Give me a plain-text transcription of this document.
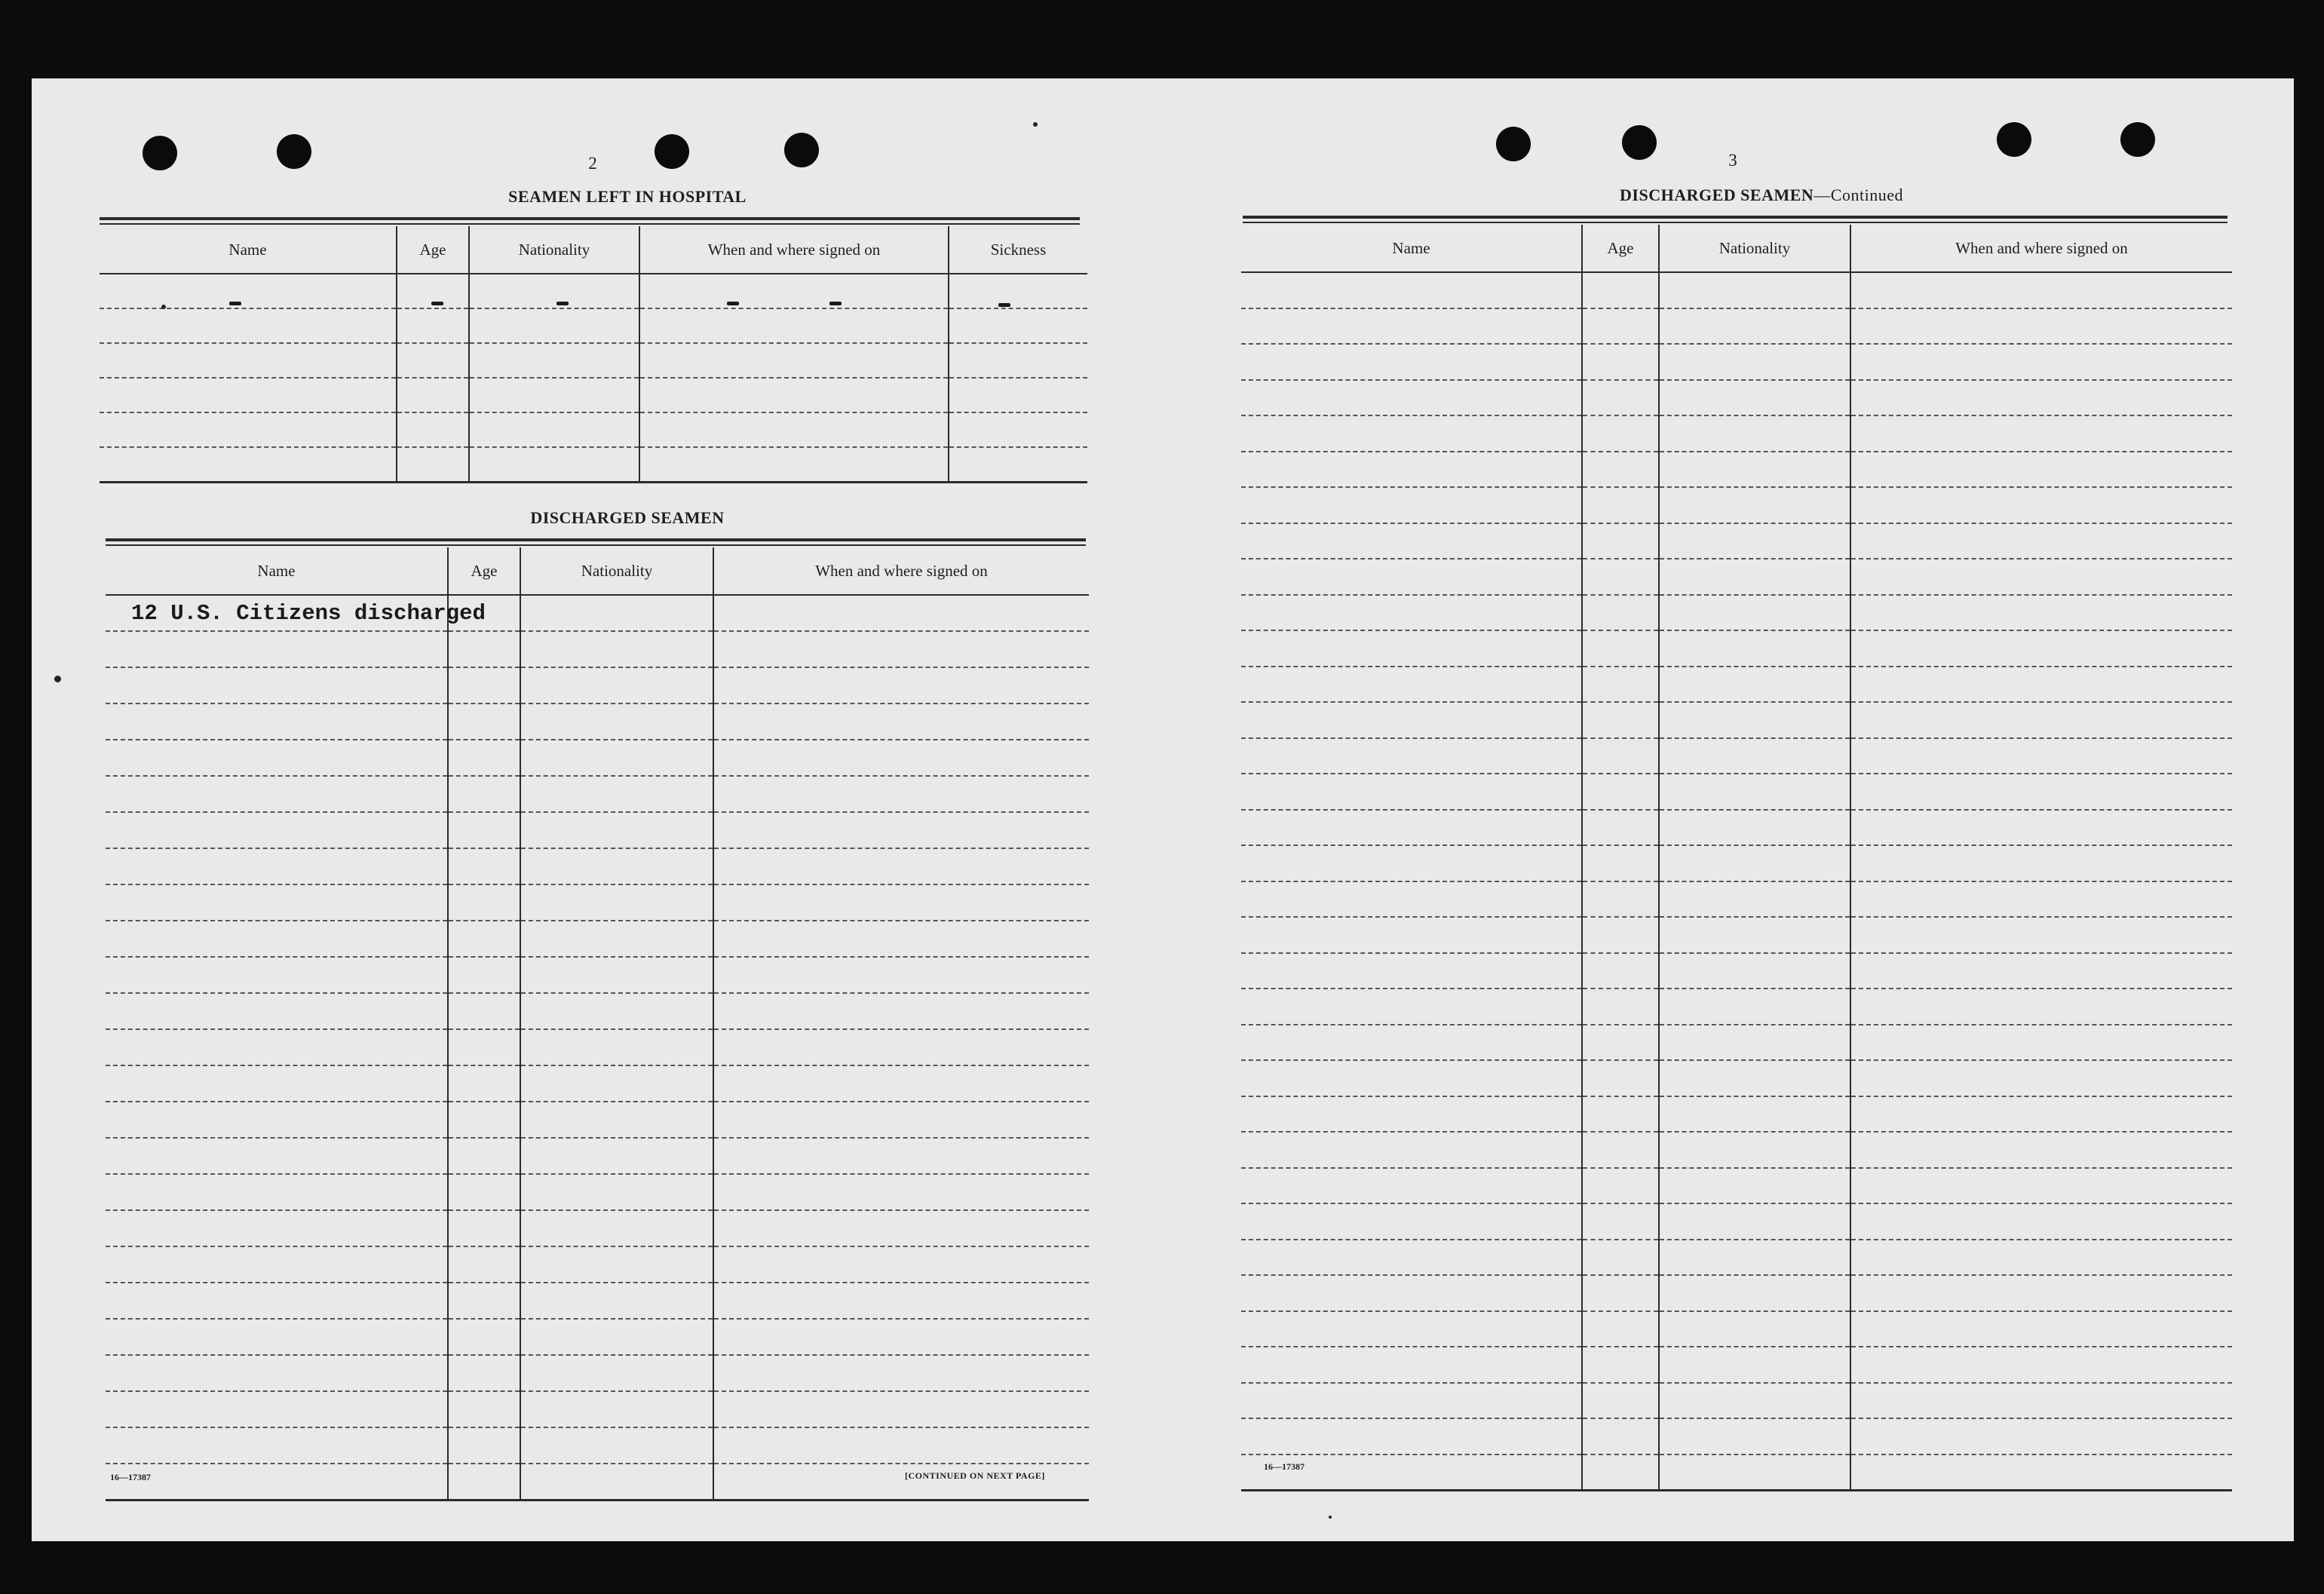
2
SEAMEN LEFT IN HOSPITAL
Name	Age	Nationality	When and where signed on	Sickness

DISCHARGED SEAMEN
Name	Age	Nationality	When and where signed on
12 U.S. Citizens discharged			

16—17387	[CONTINUED ON NEXT PAGE]
3
DISCHARGED SEAMEN—Continued
Name	Age	Nationality	When and where signed on

16—17387
